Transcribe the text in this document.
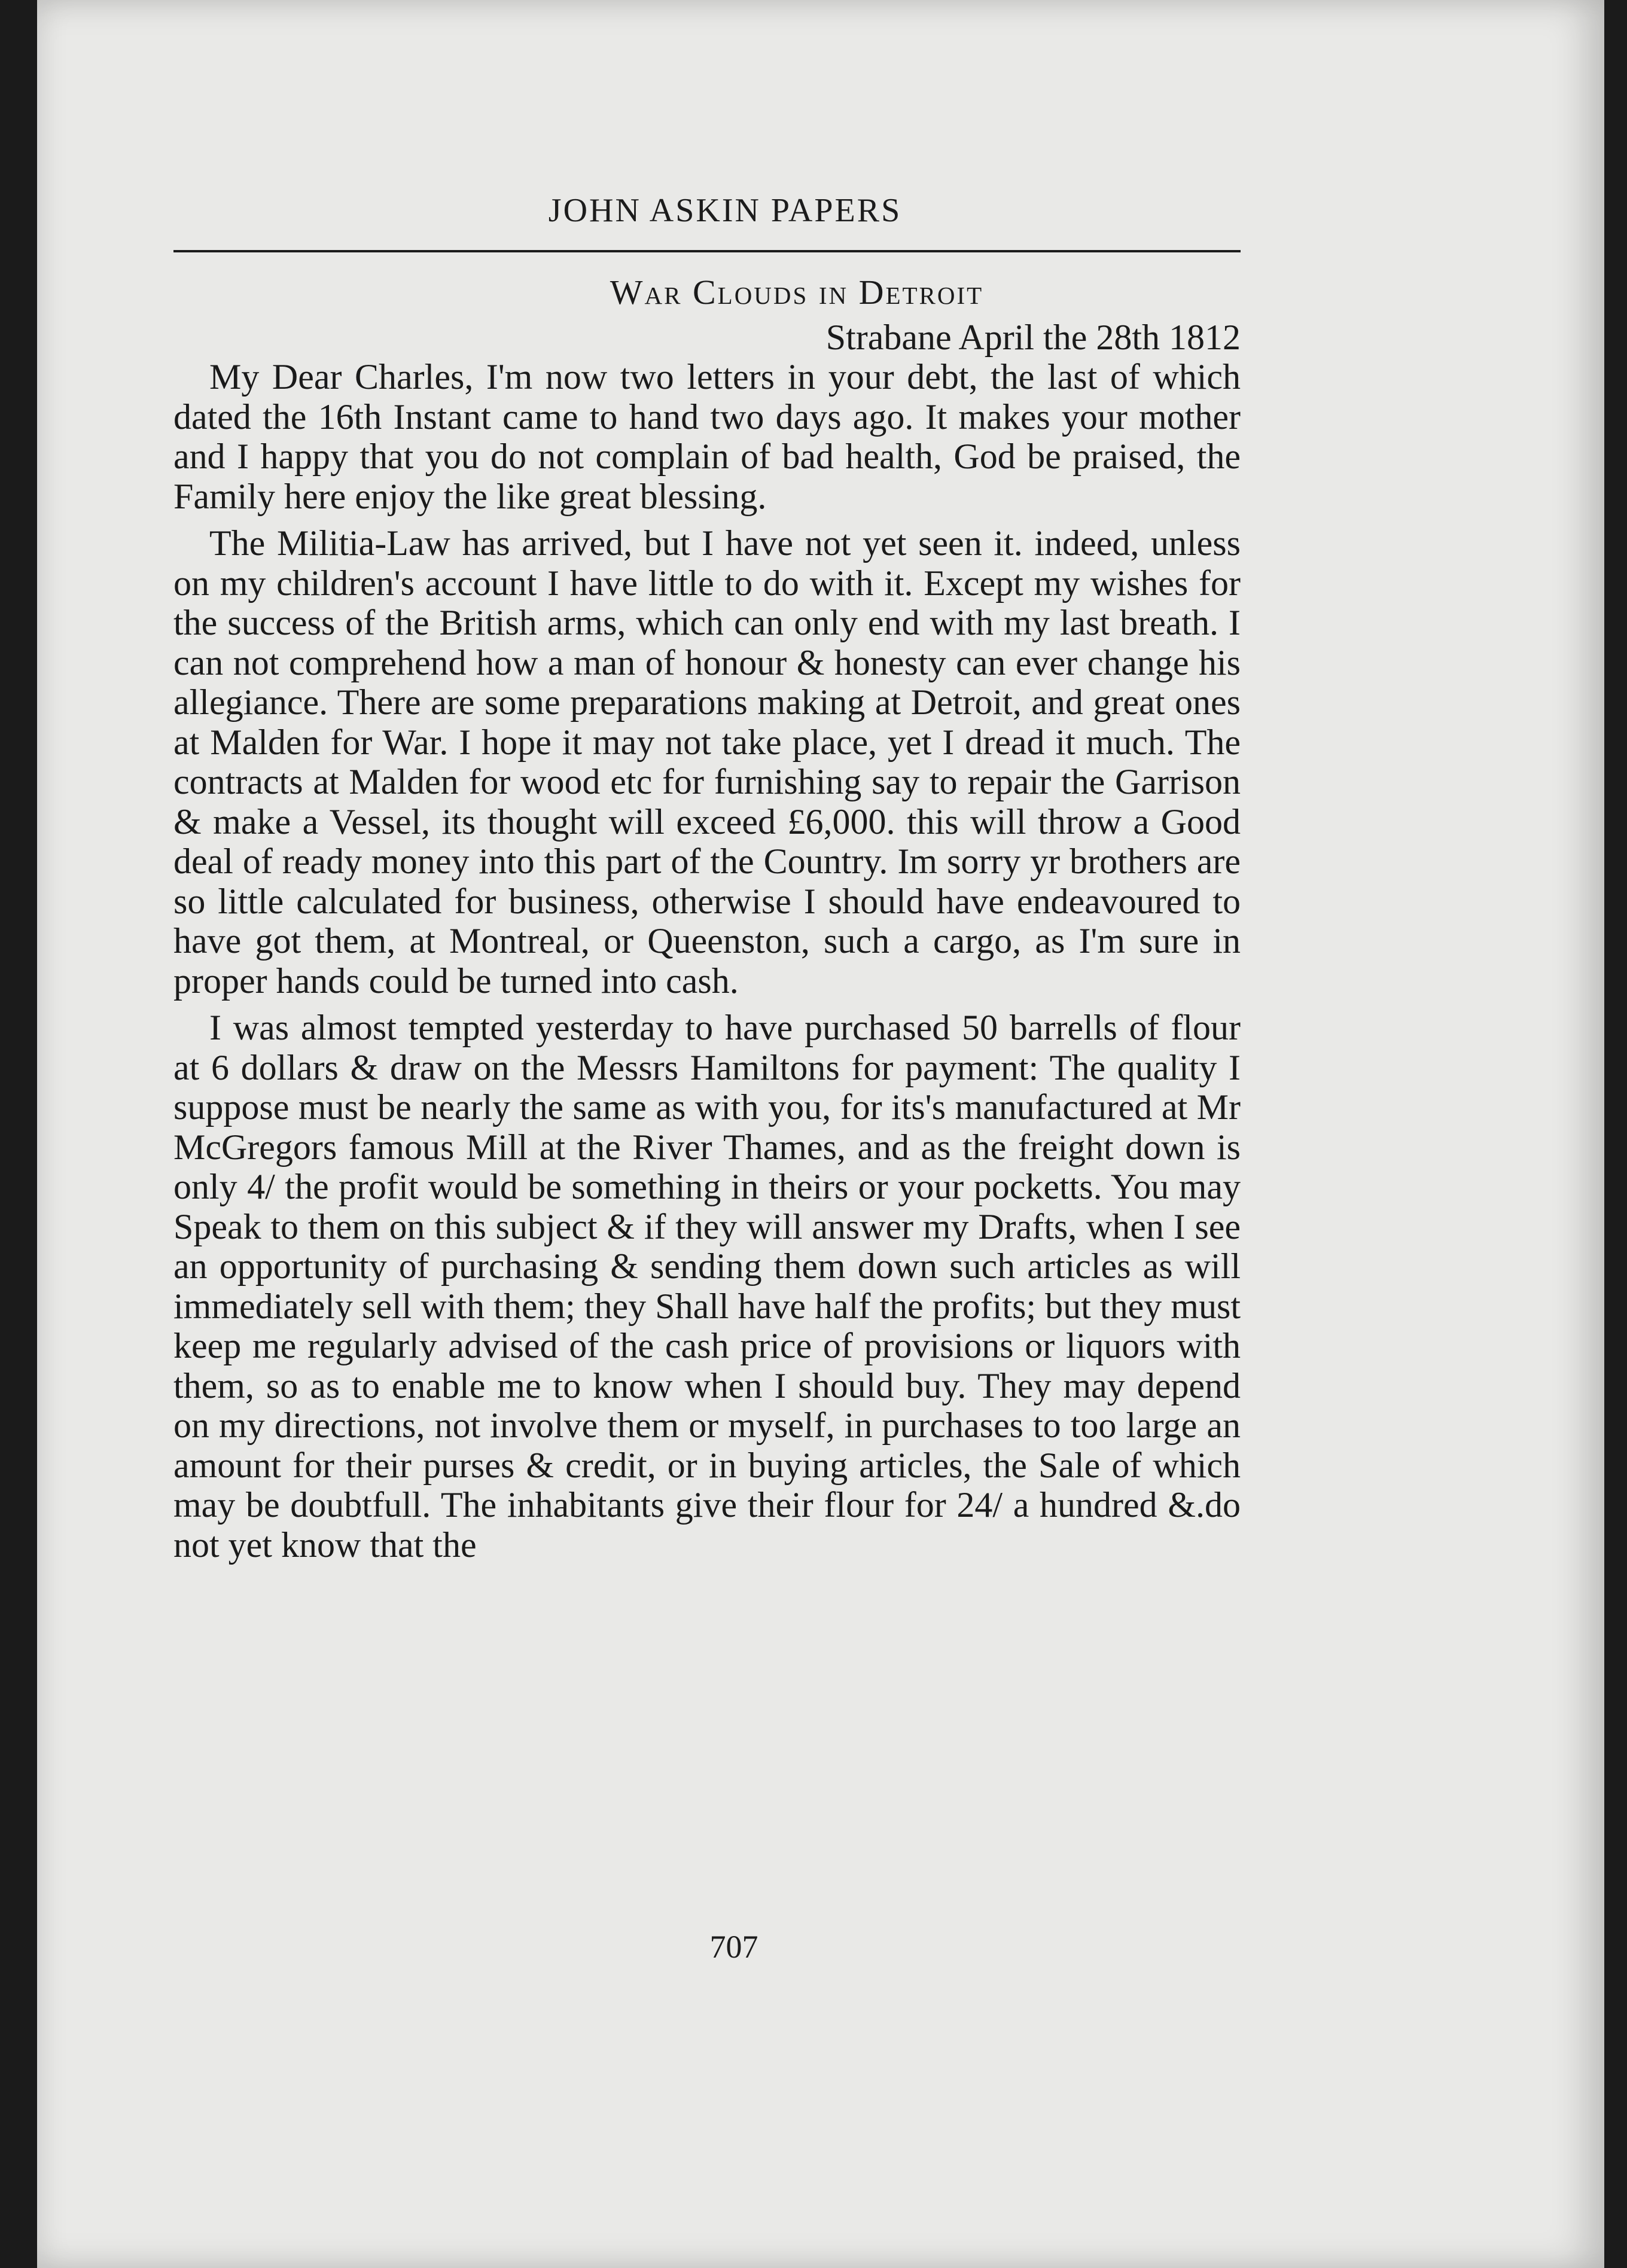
JOHN ASKIN PAPERS
War Clouds in Detroit

Strabane April the 28th 1812

My Dear Charles, I'm now two letters in your debt, the last of which dated the 16th Instant came to hand two days ago. It makes your mother and I happy that you do not complain of bad health, God be praised, the Family here enjoy the like great blessing.

The Militia-Law has arrived, but I have not yet seen it. indeed, unless on my children's account I have little to do with it. Except my wishes for the success of the British arms, which can only end with my last breath. I can not comprehend how a man of honour & honesty can ever change his allegiance. There are some preparations making at Detroit, and great ones at Malden for War. I hope it may not take place, yet I dread it much. The contracts at Malden for wood etc for furnishing say to repair the Garrison & make a Vessel, its thought will exceed £6,000. this will throw a Good deal of ready money into this part of the Country. Im sorry yr brothers are so little calculated for business, otherwise I should have endeavoured to have got them, at Montreal, or Queenston, such a cargo, as I'm sure in proper hands could be turned into cash.

I was almost tempted yesterday to have purchased 50 barrells of flour at 6 dollars & draw on the Messrs Hamiltons for payment: The quality I suppose must be nearly the same as with you, for its's manufactured at Mr McGregors famous Mill at the River Thames, and as the freight down is only 4/ the profit would be something in theirs or your pocketts. You may Speak to them on this subject & if they will answer my Drafts, when I see an opportunity of purchasing & sending them down such articles as will immediately sell with them; they Shall have half the profits; but they must keep me regularly advised of the cash price of provisions or liquors with them, so as to enable me to know when I should buy. They may depend on my directions, not involve them or myself, in purchases to too large an amount for their purses & credit, or in buying articles, the Sale of which may be doubtfull. The inhabitants give their flour for 24/ a hundred &.do not yet know that the

707
